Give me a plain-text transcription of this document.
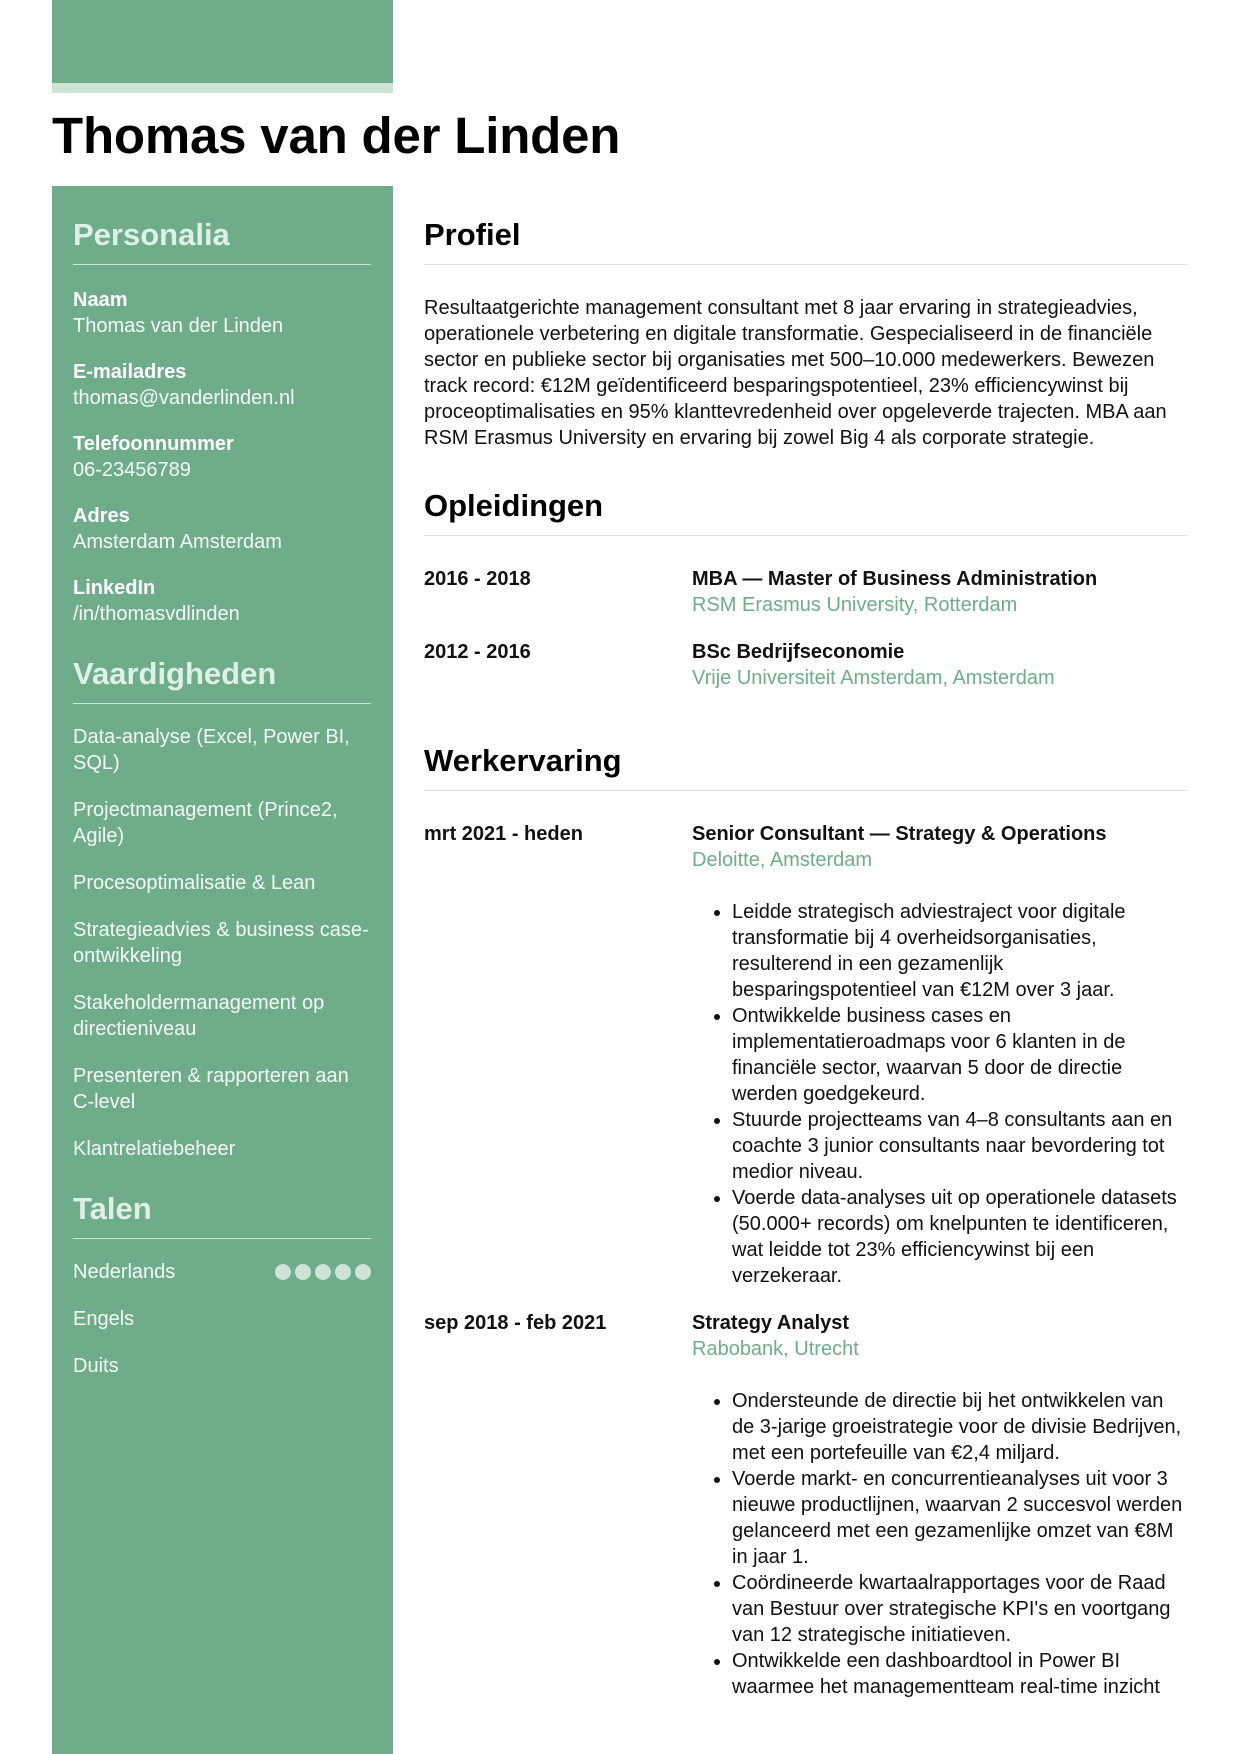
Thomas van der Linden
Personalia
Naam
Thomas van der Linden
E-mailadres
thomas@vanderlinden.nl
Telefoonnummer
06-23456789
Adres
Amsterdam Amsterdam
LinkedIn
/in/thomasvdlinden
Vaardigheden
Data-analyse (Excel, Power BI, SQL)
Projectmanagement (Prince2, Agile)
Procesoptimalisatie & Lean
Strategieadvies & business case-ontwikkeling
Stakeholdermanagement op directieniveau
Presenteren & rapporteren aan C-level
Klantrelatiebeheer
Talen
Nederlands
Engels
Duits
Profiel

Resultaatgerichte management consultant met 8 jaar ervaring in strategieadvies, operationele verbetering en digitale transformatie. Gespecialiseerd in de financiële sector en publieke sector bij organisaties met 500–10.000 medewerkers. Bewezen track record: €12M geïdentificeerd besparingspotentieel, 23% efficiencywinst bij proceoptimalisaties en 95% klanttevredenheid over opgeleverde trajecten. MBA aan RSM Erasmus University en ervaring bij zowel Big 4 als corporate strategie.

Opleidingen
2016 - 2018	MBA — Master of Business Administration
RSM Erasmus University, Rotterdam
2012 - 2016	BSc Bedrijfseconomie
Vrije Universiteit Amsterdam, Amsterdam
Werkervaring
mrt 2021 - heden	Senior Consultant — Strategy & Operations
Deloitte, Amsterdam
• Leidde strategisch adviestraject voor digitale transformatie bij 4 overheidsorganisaties, resulterend in een gezamenlijk besparingspotentieel van €12M over 3 jaar.
• Ontwikkelde business cases en implementatieroadmaps voor 6 klanten in de financiële sector, waarvan 5 door de directie werden goedgekeurd.
• Stuurde projectteams van 4–8 consultants aan en coachte 3 junior consultants naar bevordering tot medior niveau.
• Voerde data-analyses uit op operationele datasets (50.000+ records) om knelpunten te identificeren, wat leidde tot 23% efficiencywinst bij een verzekeraar.
sep 2018 - feb 2021	Strategy Analyst
Rabobank, Utrecht
• Ondersteunde de directie bij het ontwikkelen van de 3-jarige groeistrategie voor de divisie Bedrijven, met een portefeuille van €2,4 miljard.
• Voerde markt- en concurrentieanalyses uit voor 3 nieuwe productlijnen, waarvan 2 succesvol werden gelanceerd met een gezamenlijke omzet van €8M in jaar 1.
• Coördineerde kwartaalrapportages voor de Raad van Bestuur over strategische KPI's en voortgang van 12 strategische initiatieven.
• Ontwikkelde een dashboardtool in Power BI waarmee het managementteam real-time inzicht
